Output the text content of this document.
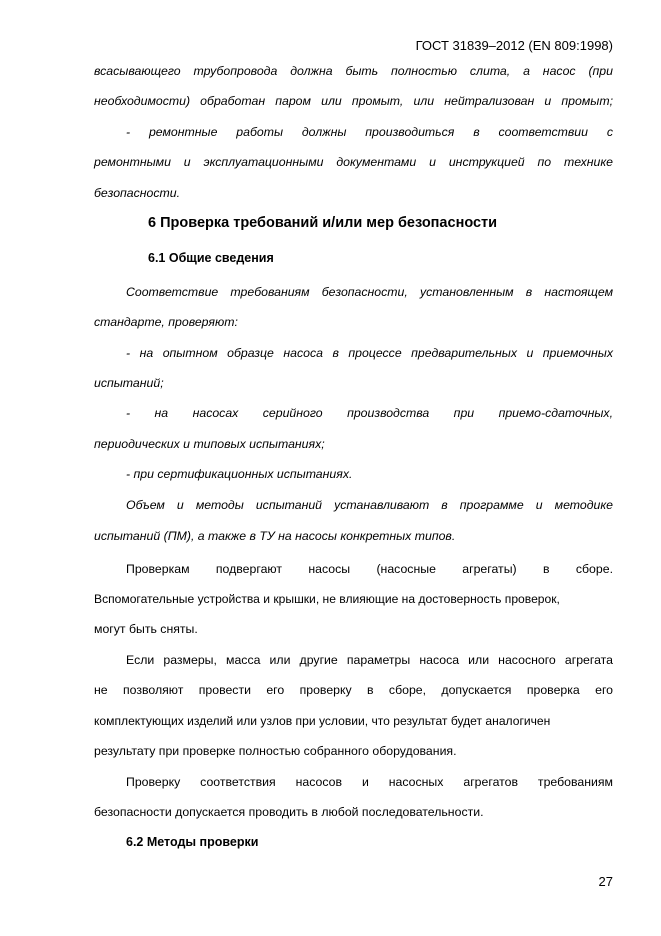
ГОСТ 31839–2012 (EN 809:1998)
всасывающего трубопровода должна быть полностью слита, а насос (при
необходимости) обработан паром или промыт, или нейтрализован и промыт;
- ремонтные работы должны производиться в соответствии с
ремонтными и эксплуатационными документами и инструкцией по технике
безопасности.
6 Проверка требований и/или мер безопасности
6.1 Общие сведения
Соответствие требованиям безопасности, установленным в настоящем
стандарте, проверяют:
- на опытном образце насоса в процессе предварительных и приемочных
испытаний;
- на насосах серийного производства при приемо-сдаточных,
периодических и типовых испытаниях;
- при сертификационных испытаниях.
Объем и методы испытаний устанавливают в программе и методике
испытаний (ПМ), а также в ТУ на насосы конкретных типов.
Проверкам подвергают насосы (насосные агрегаты) в сборе.
Вспомогательные устройства и крышки, не влияющие на достоверность проверок,
могут быть сняты.
Если размеры, масса или другие параметры насоса или насосного агрегата
не позволяют провести его проверку в сборе, допускается проверка его
комплектующих изделий или узлов при условии, что результат будет аналогичен
результату при проверке полностью собранного оборудования.
Проверку соответствия насосов и насосных агрегатов требованиям
безопасности допускается проводить в любой последовательности.
6.2 Методы проверки
27
